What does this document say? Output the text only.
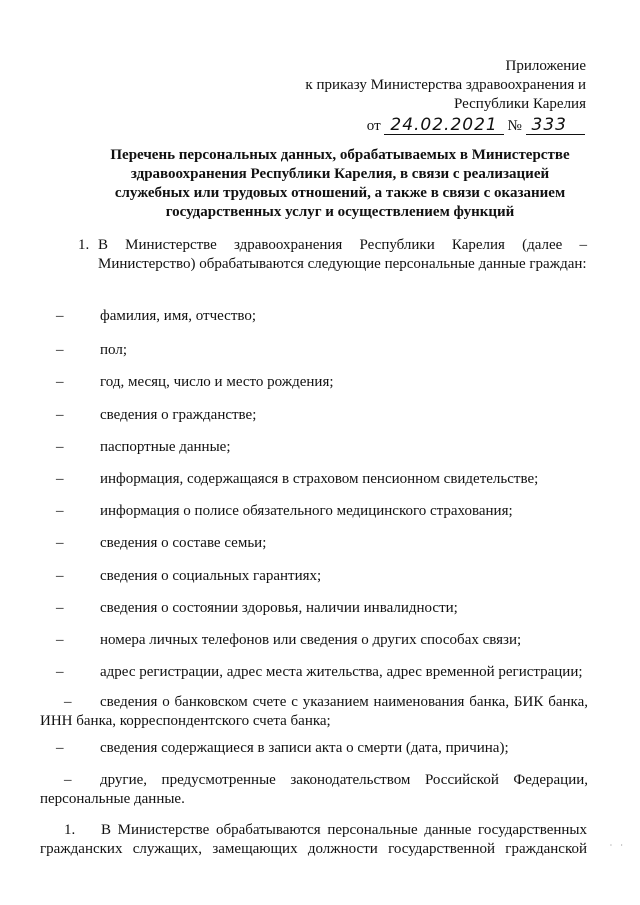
Приложение
к приказу Министерства здравоохранения и
Республики Карелия
от 24.02.2021 № 333
Перечень персональных данных, обрабатываемых в Министерстве
здравоохранения Республики Карелия, в связи с реализацией
служебных или трудовых отношений, а также в связи с оказанием
государственных услуг и осуществлением функций
1. В Министерстве здравоохранения Республики Карелия (далее – Министерство) обрабатываются следующие персональные данные граждан:
– фамилия, имя, отчество;
– пол;
– год, месяц, число и место рождения;
– сведения о гражданстве;
– паспортные данные;
– информация, содержащаяся в страховом пенсионном свидетельстве;
– информация о полисе обязательного медицинского страхования;
– сведения о составе семьи;
– сведения о социальных гарантиях;
– сведения о состоянии здоровья, наличии инвалидности;
– номера личных телефонов или сведения о других способах связи;
– адрес регистрации, адрес места жительства, адрес временной регистрации;
–	сведения о банковском счете с указанием наименования банка, БИК банка,
ИНН банка, корреспондентского счета банка;
– сведения содержащиеся в записи акта о смерти (дата, причина);
–	другие, предусмотренные законодательством Российской Федерации,
персональные данные.
1. В Министерстве обрабатываются персональные данные государственных
гражданских служащих, замещающих должности государственной гражданской	· ·
